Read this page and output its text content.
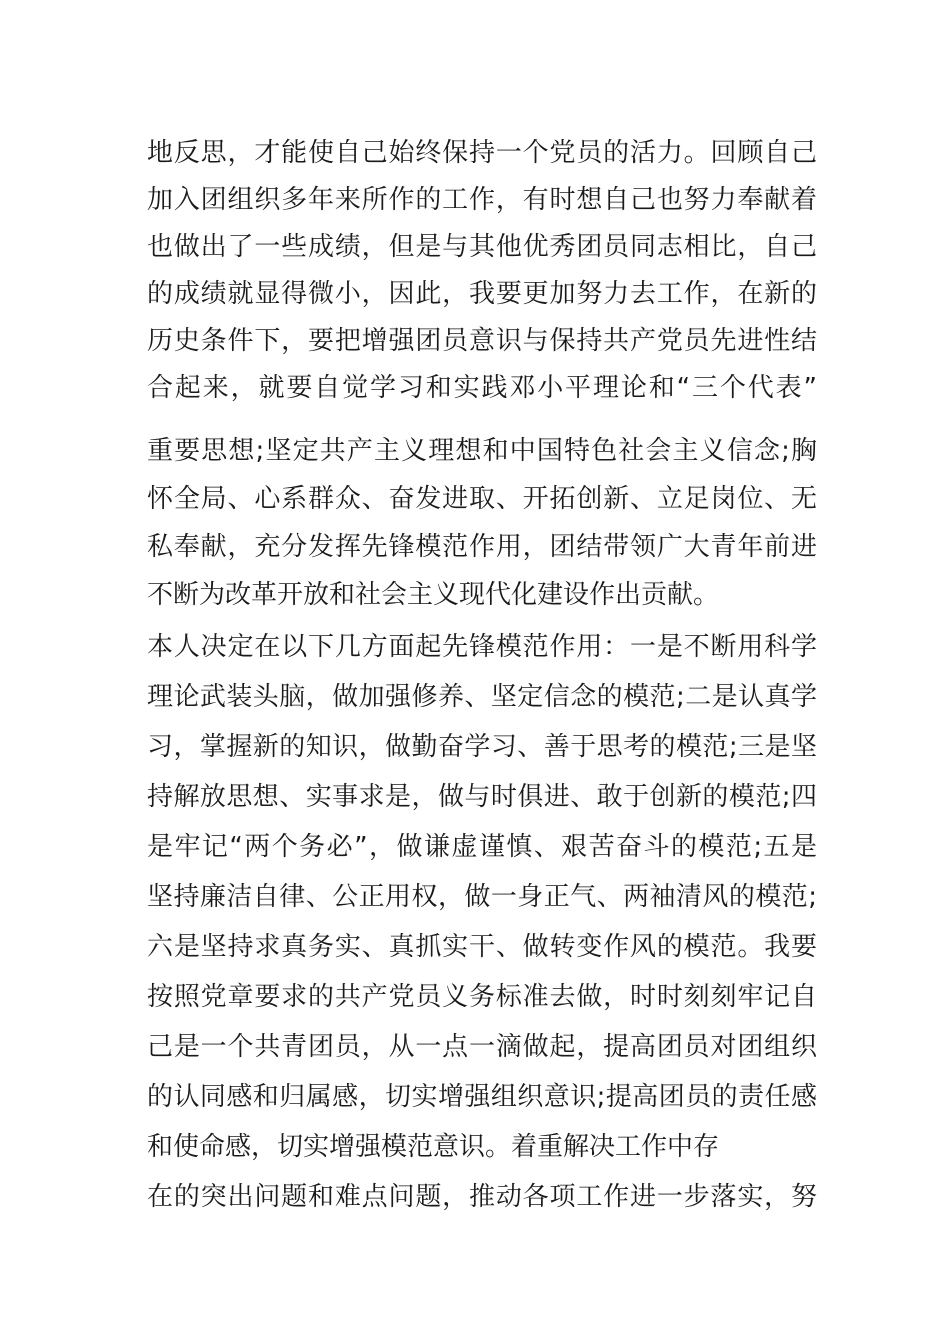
地反思，才能使自己始终保持一个党员的活力。回顾自己
加入团组织多年来所作的工作，有时想自己也努力奉献着
也做出了一些成绩，但是与其他优秀团员同志相比，自己
的成绩就显得微小，因此，我要更加努力去工作，在新的
历史条件下，要把增强团员意识与保持共产党员先进性结
合起来，就要自觉学习和实践邓小平理论和“三个代表”
重要思想;坚定共产主义理想和中国特色社会主义信念;胸
怀全局、心系群众、奋发进取、开拓创新、立足岗位、无
私奉献，充分发挥先锋模范作用，团结带领广大青年前进
不断为改革开放和社会主义现代化建设作出贡献。
本人决定在以下几方面起先锋模范作用：一是不断用科学
理论武装头脑，做加强修养、坚定信念的模范;二是认真学
习，掌握新的知识，做勤奋学习、善于思考的模范;三是坚
持解放思想、实事求是，做与时俱进、敢于创新的模范;四
是牢记“两个务必”，做谦虚谨慎、艰苦奋斗的模范;五是
坚持廉洁自律、公正用权，做一身正气、两袖清风的模范;
六是坚持求真务实、真抓实干、做转变作风的模范。我要
按照党章要求的共产党员义务标准去做，时时刻刻牢记自
己是一个共青团员，从一点一滴做起，提高团员对团组织
的认同感和归属感，切实增强组织意识;提高团员的责任感
和使命感，切实增强模范意识。着重解决工作中存
在的突出问题和难点问题，推动各项工作进一步落实，努
